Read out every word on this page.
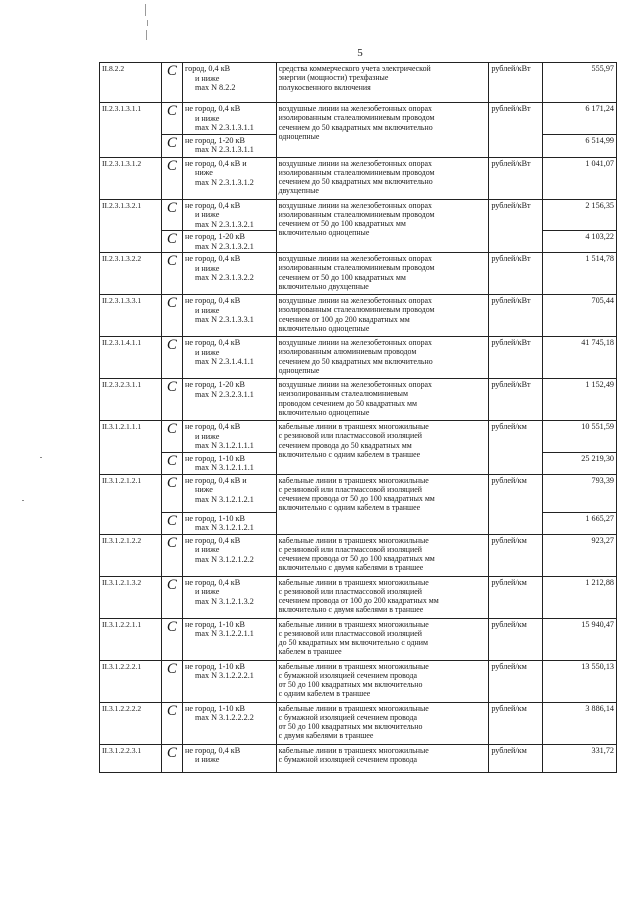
5
II.8.2.2	С	город, 0,4 кВ
и ниже
max N 8.2.2	средства коммерческого учета электрической
энергии (мощности) трехфазные
полукосвенного включения	рублей/кВт	555,97
II.2.3.1.3.1.1	С	не город, 0,4 кВ
и ниже
max N 2.3.1.3.1.1	воздушные линии на железобетонных опорах
изолированным сталеалюминиевым проводом
сечением до 50 квадратных мм включительно
одноцепные	рублей/кВт	6 171,24
	С	не город, 1-20 кВ
max N 2.3.1.3.1.1			6 514,99
II.2.3.1.3.1.2	С	не город, 0,4 кВ и
ниже
max N 2.3.1.3.1.2	воздушные линии на железобетонных опорах
изолированным сталеалюминиевым проводом
сечением до 50 квадратных мм включительно
двухцепные	рублей/кВт	1 041,07
II.2.3.1.3.2.1	С	не город, 0,4 кВ
и ниже
max N 2.3.1.3.2.1	воздушные линии на железобетонных опорах
изолированным сталеалюминиевым проводом
сечением от 50 до 100 квадратных мм
включительно одноцепные	рублей/кВт	2 156,35
	С	не город, 1-20 кВ
max N 2.3.1.3.2.1			4 103,22
II.2.3.1.3.2.2	С	не город, 0,4 кВ
и ниже
max N 2.3.1.3.2.2	воздушные линии на железобетонных опорах
изолированным сталеалюминиевым проводом
сечением от 50 до 100 квадратных мм
включительно двухцепные	рублей/кВт	1 514,78
II.2.3.1.3.3.1	С	не город, 0,4 кВ
и ниже
max N 2.3.1.3.3.1	воздушные линии на железобетонных опорах
изолированным сталеалюминиевым проводом
сечением от 100 до 200 квадратных мм
включительно одноцепные	рублей/кВт	705,44
II.2.3.1.4.1.1	С	не город, 0,4 кВ
и ниже
max N 2.3.1.4.1.1	воздушные линии на железобетонных опорах
изолированным алюминиевым проводом
сечением до 50 квадратных мм включительно
одноцепные	рублей/кВт	41 745,18
II.2.3.2.3.1.1	С	не город, 1-20 кВ
max N 2.3.2.3.1.1	воздушные линии на железобетонных опорах
неизолированным сталеалюминиевым
проводом сечением до 50 квадратных мм
включительно одноцепные	рублей/кВт	1 152,49
II.3.1.2.1.1.1	С	не город, 0,4 кВ
и ниже
max N 3.1.2.1.1.1	кабельные линии в траншеях многожильные
с резиновой или пластмассовой изоляцией
сечением провода до 50 квадратных мм
включительно с одним кабелем в траншее	рублей/км	10 551,59
	С	не город, 1-10 кВ
max N 3.1.2.1.1.1			25 219,30
II.3.1.2.1.2.1	С	не город, 0,4 кВ и
ниже
max N 3.1.2.1.2.1	кабельные линии в траншеях многожильные
с резиновой или пластмассовой изоляцией
сечением провода от 50 до 100 квадратных мм
включительно с одним кабелем в траншее	рублей/км	793,39
	С	не город, 1-10 кВ
max N 3.1.2.1.2.1			1 665,27
II.3.1.2.1.2.2	С	не город, 0,4 кВ
и ниже
max N 3.1.2.1.2.2	кабельные линии в траншеях многожильные
с резиновой или пластмассовой изоляцией
сечением провода от 50 до 100 квадратных мм
включительно с двумя кабелями в траншее	рублей/км	923,27
II.3.1.2.1.3.2	С	не город, 0,4 кВ
и ниже
max N 3.1.2.1.3.2	кабельные линии в траншеях многожильные
с резиновой или пластмассовой изоляцией
сечением провода от 100 до 200 квадратных мм
включительно с двумя кабелями в траншее	рублей/км	1 212,88
II.3.1.2.2.1.1	С	не город, 1-10 кВ
max N 3.1.2.2.1.1	кабельные линии в траншеях многожильные
с резиновой или пластмассовой изоляцией
до 50 квадратных мм включительно с одним
кабелем в траншее	рублей/км	15 940,47
II.3.1.2.2.2.1	С	не город, 1-10 кВ
max N 3.1.2.2.2.1	кабельные линии в траншеях многожильные
с бумажной изоляцией сечением провода
от 50 до 100 квадратных мм включительно
с одним кабелем в траншее	рублей/км	13 550,13
II.3.1.2.2.2.2	С	не город, 1-10 кВ
max N 3.1.2.2.2.2	кабельные линии в траншеях многожильные
с бумажной изоляцией сечением провода
от 50 до 100 квадратных мм включительно
с двумя кабелями в траншее	рублей/км	3 886,14
II.3.1.2.2.3.1	С	не город, 0,4 кВ
и ниже	кабельные линии в траншеях многожильные
с бумажной изоляцией сечением провода	рублей/км	331,72
